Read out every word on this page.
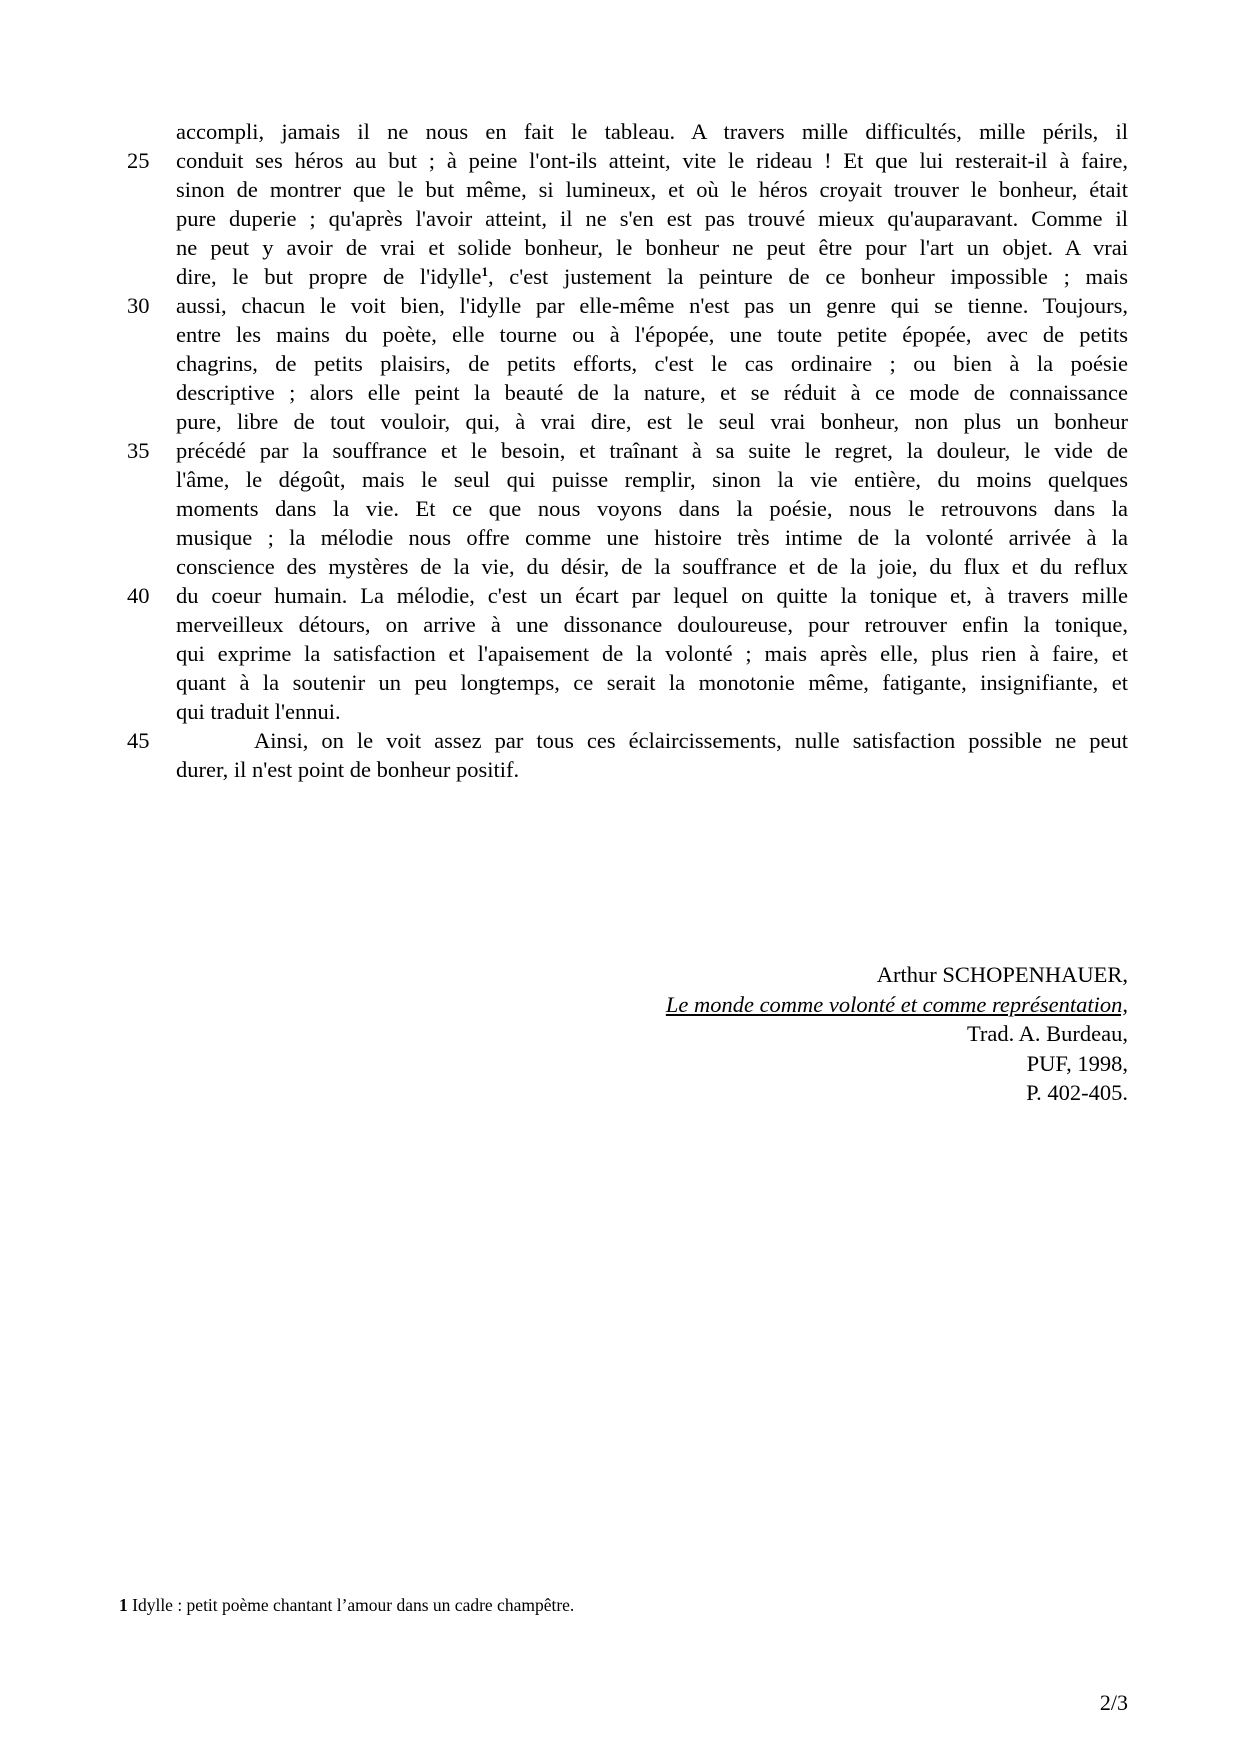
accompli, jamais il ne nous en fait le tableau. A travers mille difficultés, mille périls, il
25	conduit ses héros au but ; à peine l'ont-ils atteint, vite le rideau ! Et que lui resterait-il à faire,
sinon de montrer que le but même, si lumineux, et où le héros croyait trouver le bonheur, était
pure duperie ; qu'après l'avoir atteint, il ne s'en est pas trouvé mieux qu'auparavant. Comme il
ne peut y avoir de vrai et solide bonheur, le bonheur ne peut être pour l'art un objet. A vrai
dire, le but propre de l'idylle$^1$, c'est justement la peinture de ce bonheur impossible ; mais
30	aussi, chacun le voit bien, l'idylle par elle-même n'est pas un genre qui se tienne. Toujours,
entre les mains du poète, elle tourne ou à l'épopée, une toute petite épopée, avec de petits
chagrins, de petits plaisirs, de petits efforts, c'est le cas ordinaire ; ou bien à la poésie
descriptive ; alors elle peint la beauté de la nature, et se réduit à ce mode de connaissance
pure, libre de tout vouloir, qui, à vrai dire, est le seul vrai bonheur, non plus un bonheur
35	précédé par la souffrance et le besoin, et traînant à sa suite le regret, la douleur, le vide de
l'âme, le dégoût, mais le seul qui puisse remplir, sinon la vie entière, du moins quelques
moments dans la vie. Et ce que nous voyons dans la poésie, nous le retrouvons dans la
musique ; la mélodie nous offre comme une histoire très intime de la volonté arrivée à la
conscience des mystères de la vie, du désir, de la souffrance et de la joie, du flux et du reflux
40	du coeur humain. La mélodie, c'est un écart par lequel on quitte la tonique et, à travers mille
merveilleux détours, on arrive à une dissonance douloureuse, pour retrouver enfin la tonique,
qui exprime la satisfaction et l'apaisement de la volonté ; mais après elle, plus rien à faire, et
quant à la soutenir un peu longtemps, ce serait la monotonie même, fatigante, insignifiante, et
qui traduit l'ennui.
45	Ainsi, on le voit assez par tous ces éclaircissements, nulle satisfaction possible ne peut
durer, il n'est point de bonheur positif.
Arthur SCHOPENHAUER,
Le monde comme volonté et comme représentation,
Trad. A. Burdeau,
PUF, 1998,
P. 402-405.
1 Idylle : petit poème chantant l’amour dans un cadre champêtre.
2/3
